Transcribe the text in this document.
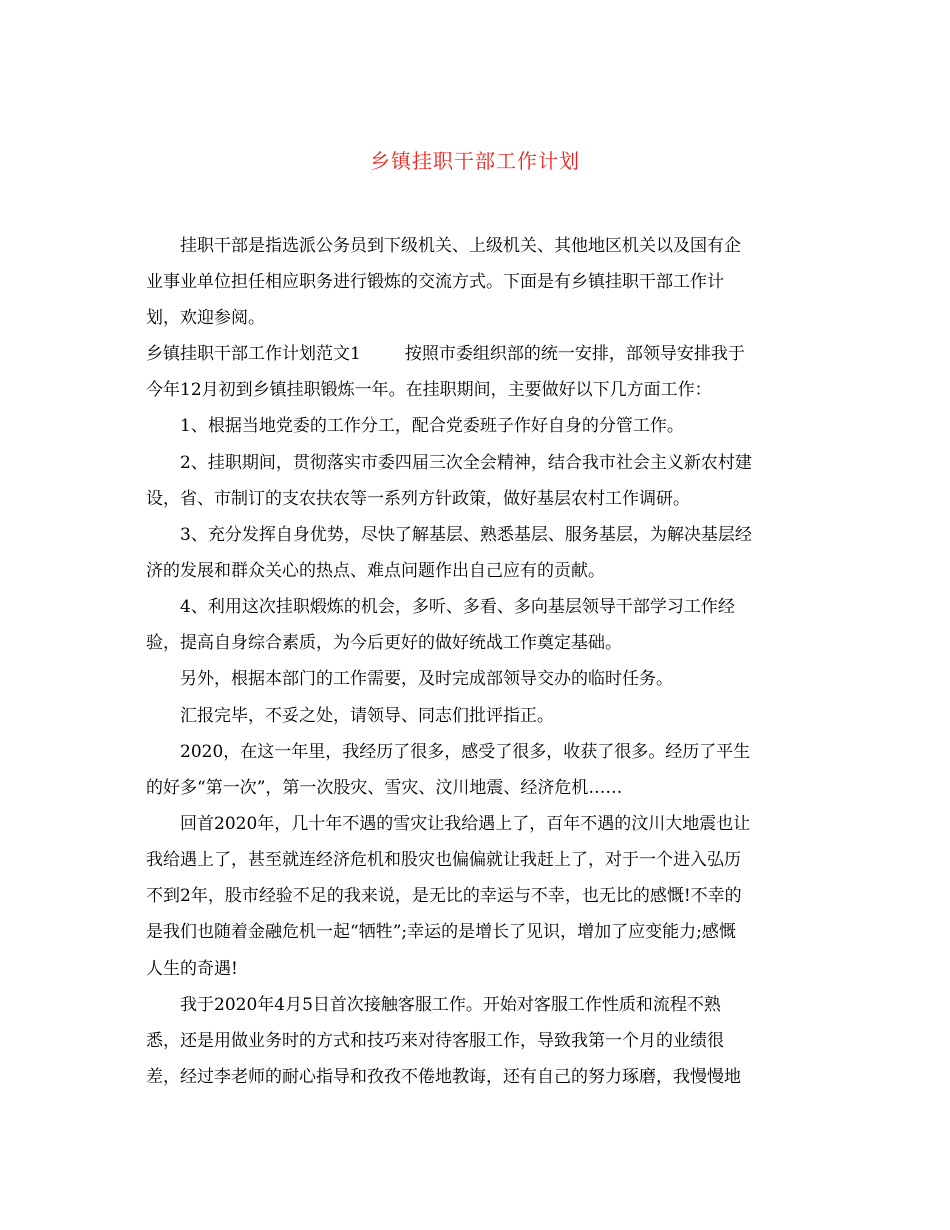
乡镇挂职干部工作计划
挂职干部是指选派公务员到下级机关、上级机关、其他地区机关以及国有企
业事业单位担任相应职务进行锻炼的交流方式。下面是有乡镇挂职干部工作计
划，欢迎参阅。
乡镇挂职干部工作计划范文1	按照市委组织部的统一安排，部领导安排我于
今年12月初到乡镇挂职锻炼一年。在挂职期间，主要做好以下几方面工作：
1、根据当地党委的工作分工，配合党委班子作好自身的分管工作。
2、挂职期间，贯彻落实市委四届三次全会精神，结合我市社会主义新农村建
设，省、市制订的支农扶农等一系列方针政策，做好基层农村工作调研。
3、充分发挥自身优势，尽快了解基层、熟悉基层、服务基层，为解决基层经
济的发展和群众关心的热点、难点问题作出自己应有的贡献。
4、利用这次挂职煅炼的机会，多听、多看、多向基层领导干部学习工作经
验，提高自身综合素质，为今后更好的做好统战工作奠定基础。
另外，根据本部门的工作需要，及时完成部领导交办的临时任务。
汇报完毕，不妥之处，请领导、同志们批评指正。
2020，在这一年里，我经历了很多，感受了很多，收获了很多。经历了平生
的好多“第一次”，第一次股灾、雪灾、汶川地震、经济危机……
回首2020年，几十年不遇的雪灾让我给遇上了，百年不遇的汶川大地震也让
我给遇上了，甚至就连经济危机和股灾也偏偏就让我赶上了，对于一个进入弘历
不到2年，股市经验不足的我来说，是无比的幸运与不幸，也无比的感慨!不幸的
是我们也随着金融危机一起“牺牲”;幸运的是增长了见识，增加了应变能力;感慨
人生的奇遇!
我于2020年4月5日首次接触客服工作。开始对客服工作性质和流程不熟
悉，还是用做业务时的方式和技巧来对待客服工作，导致我第一个月的业绩很
差，经过李老师的耐心指导和孜孜不倦地教诲，还有自己的努力琢磨，我慢慢地
